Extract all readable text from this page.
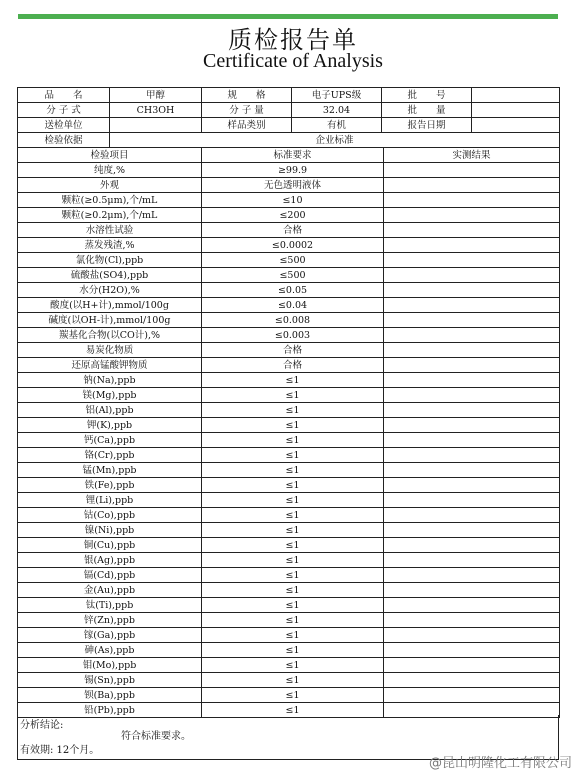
质检报告单
Certificate of Analysis
品　　名	甲醇	规　　格	电子UPS级	批　　号	
分 子 式	CH3OH	分 子 量	32.04	批　　量	
送检单位		样品类别	有机	报告日期	
检验依据	企业标准				
检验项目	标准要求	实测结果
纯度,%	≥99.9	
外观	无色透明液体	
颗粒(≥0.5μm),个/mL	≤10	
颗粒(≥0.2μm),个/mL	≤200	
水溶性试验	合格	
蒸发残渣,%	≤0.0002	
氯化物(Cl),ppb	≤500	
硫酸盐(SO4),ppb	≤500	
水分(H2O),%	≤0.05	
酸度(以H+计),mmol/100g	≤0.04	
碱度(以OH-计),mmol/100g	≤0.008	
羰基化合物(以CO计),%	≤0.003	
易炭化物质	合格	
还原高锰酸钾物质	合格	
钠(Na),ppb	≤1	
镁(Mg),ppb	≤1	
铝(Al),ppb	≤1	
钾(K),ppb	≤1	
钙(Ca),ppb	≤1	
铬(Cr),ppb	≤1	
锰(Mn),ppb	≤1	
铁(Fe),ppb	≤1	
锂(Li),ppb	≤1	
钴(Co),ppb	≤1	
镍(Ni),ppb	≤1	
铜(Cu),ppb	≤1	
银(Ag),ppb	≤1	
镉(Cd),ppb	≤1	
金(Au),ppb	≤1	
钛(Ti),ppb	≤1	
锌(Zn),ppb	≤1	
镓(Ga),ppb	≤1	
砷(As),ppb	≤1	
钼(Mo),ppb	≤1	
锡(Sn),ppb	≤1	
钡(Ba),ppb	≤1	
铅(Pb),ppb	≤1	
分析结论:
符合标准要求。
有效期: 12个月。
@昆山明隆化工有限公司
